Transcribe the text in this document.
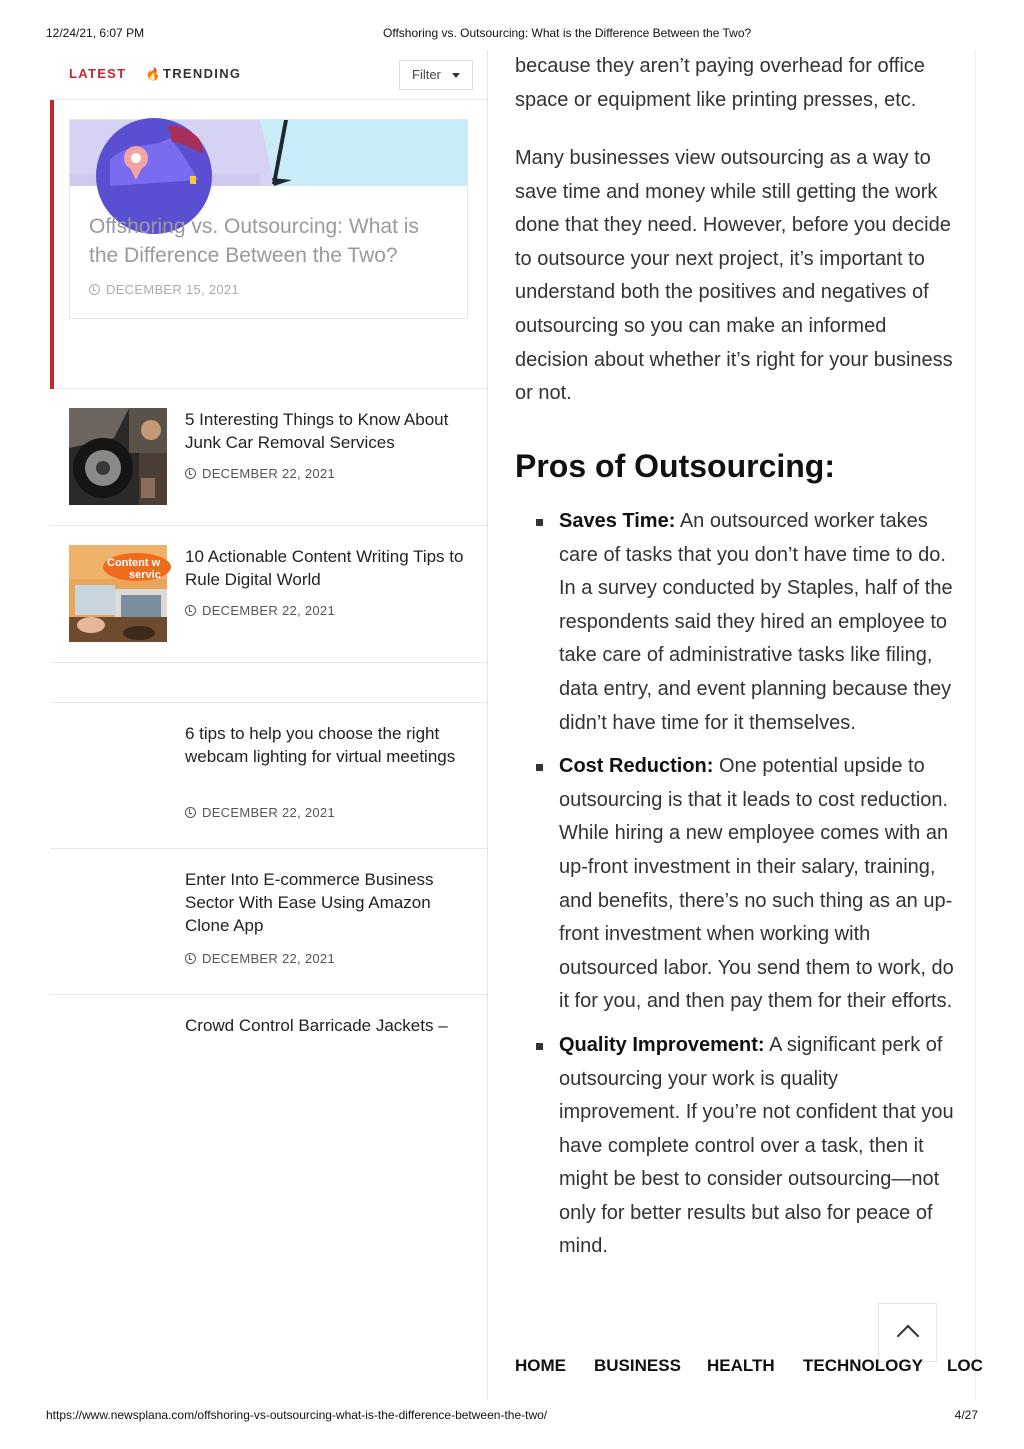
12/24/21, 6:07 PM	Offshoring vs. Outsourcing: What is the Difference Between the Two?
LATEST 🔥TRENDING	Filter
Offshoring vs. Outsourcing: What is the Difference Between the Two?
DECEMBER 15, 2021
5 Interesting Things to Know About Junk Car Removal Services
DECEMBER 22, 2021
Content w
servic
10 Actionable Content Writing Tips to Rule Digital World
DECEMBER 22, 2021
6 tips to help you choose the right webcam lighting for virtual meetings
DECEMBER 22, 2021
Enter Into E-commerce Business Sector With Ease Using Amazon Clone App
DECEMBER 22, 2021
Crowd Control Barricade Jackets –

because they aren’t paying overhead for office space or equipment like printing presses, etc.

Many businesses view outsourcing as a way to save time and money while still getting the work done that they need. However, before you decide to outsource your next project, it’s important to understand both the positives and negatives of outsourcing so you can make an informed decision about whether it’s right for your business or not.

Pros of Outsourcing:
Saves Time: An outsourced worker takes care of tasks that you don’t have time to do. In a survey conducted by Staples, half of the respondents said they hired an employee to take care of administrative tasks like filing, data entry, and event planning because they didn’t have time for it themselves.
Cost Reduction: One potential upside to outsourcing is that it leads to cost reduction. While hiring a new employee comes with an up-front investment in their salary, training, and benefits, there’s no such thing as an up-front investment when working with outsourced labor. You send them to work, do it for you, and then pay them for their efforts.
Quality Improvement: A significant perk of outsourcing your work is quality improvement. If you’re not confident that you have complete control over a task, then it might be best to consider outsourcing—not only for better results but also for peace of mind.
HOME BUSINESS HEALTH TECHNOLOGY LOC
https://www.newsplana.com/offshoring-vs-outsourcing-what-is-the-difference-between-the-two/	4/27
